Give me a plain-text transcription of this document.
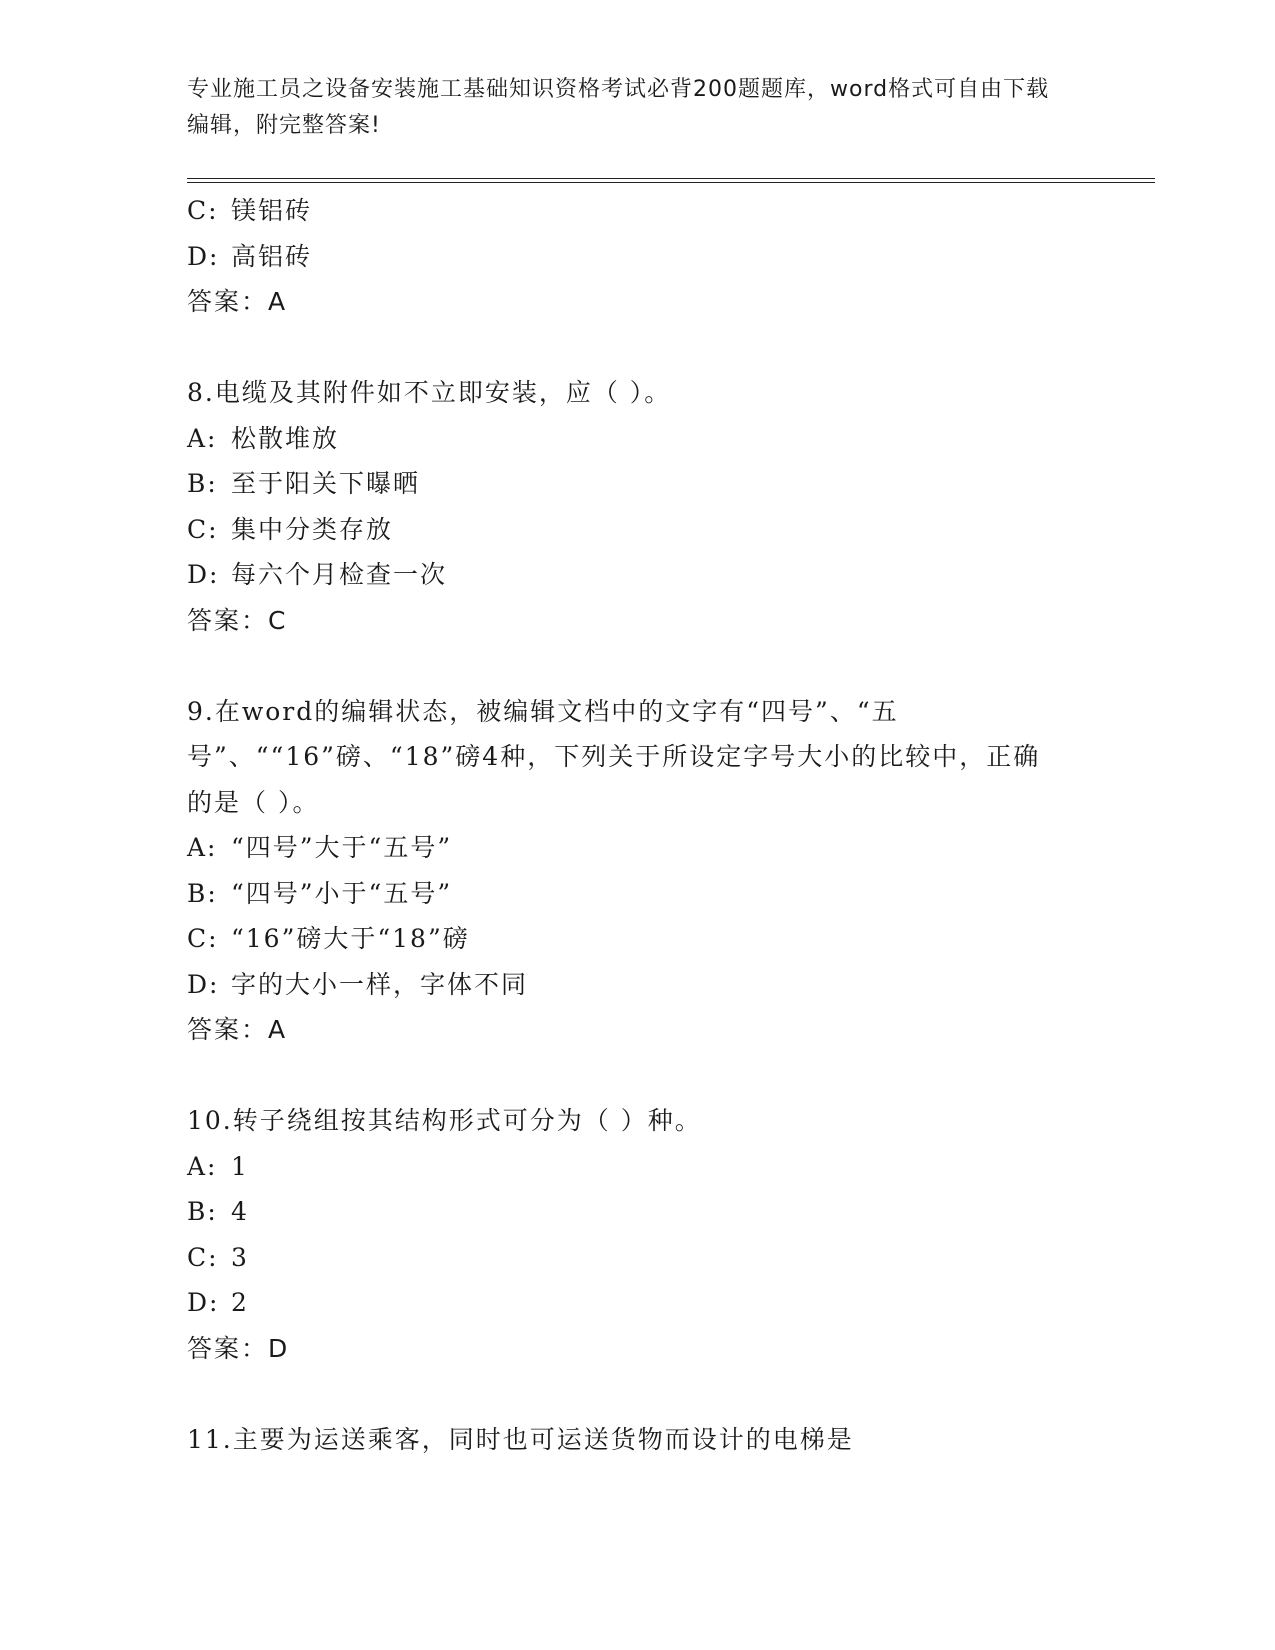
专业施工员之设备安装施工基础知识资格考试必背200题题库，word格式可自由下载编辑，附完整答案!
C: 镁铝砖
D: 高铝砖
答案：A
8.电缆及其附件如不立即安装，应（ ）。
A: 松散堆放
B: 至于阳关下曝晒
C: 集中分类存放
D: 每六个月检查一次
答案：C
9.在word的编辑状态，被编辑文档中的文字有“四号”、“五号”、““16”磅、“18”磅4种，下列关于所设定字号大小的比较中，正确的是（ ）。
A: “四号”大于“五号”
B: “四号”小于“五号”
C: “16”磅大于“18”磅
D: 字的大小一样，字体不同
答案：A
10.转子绕组按其结构形式可分为（ ）种。
A: 1
B: 4
C: 3
D: 2
答案：D
11.主要为运送乘客，同时也可运送货物而设计的电梯是
